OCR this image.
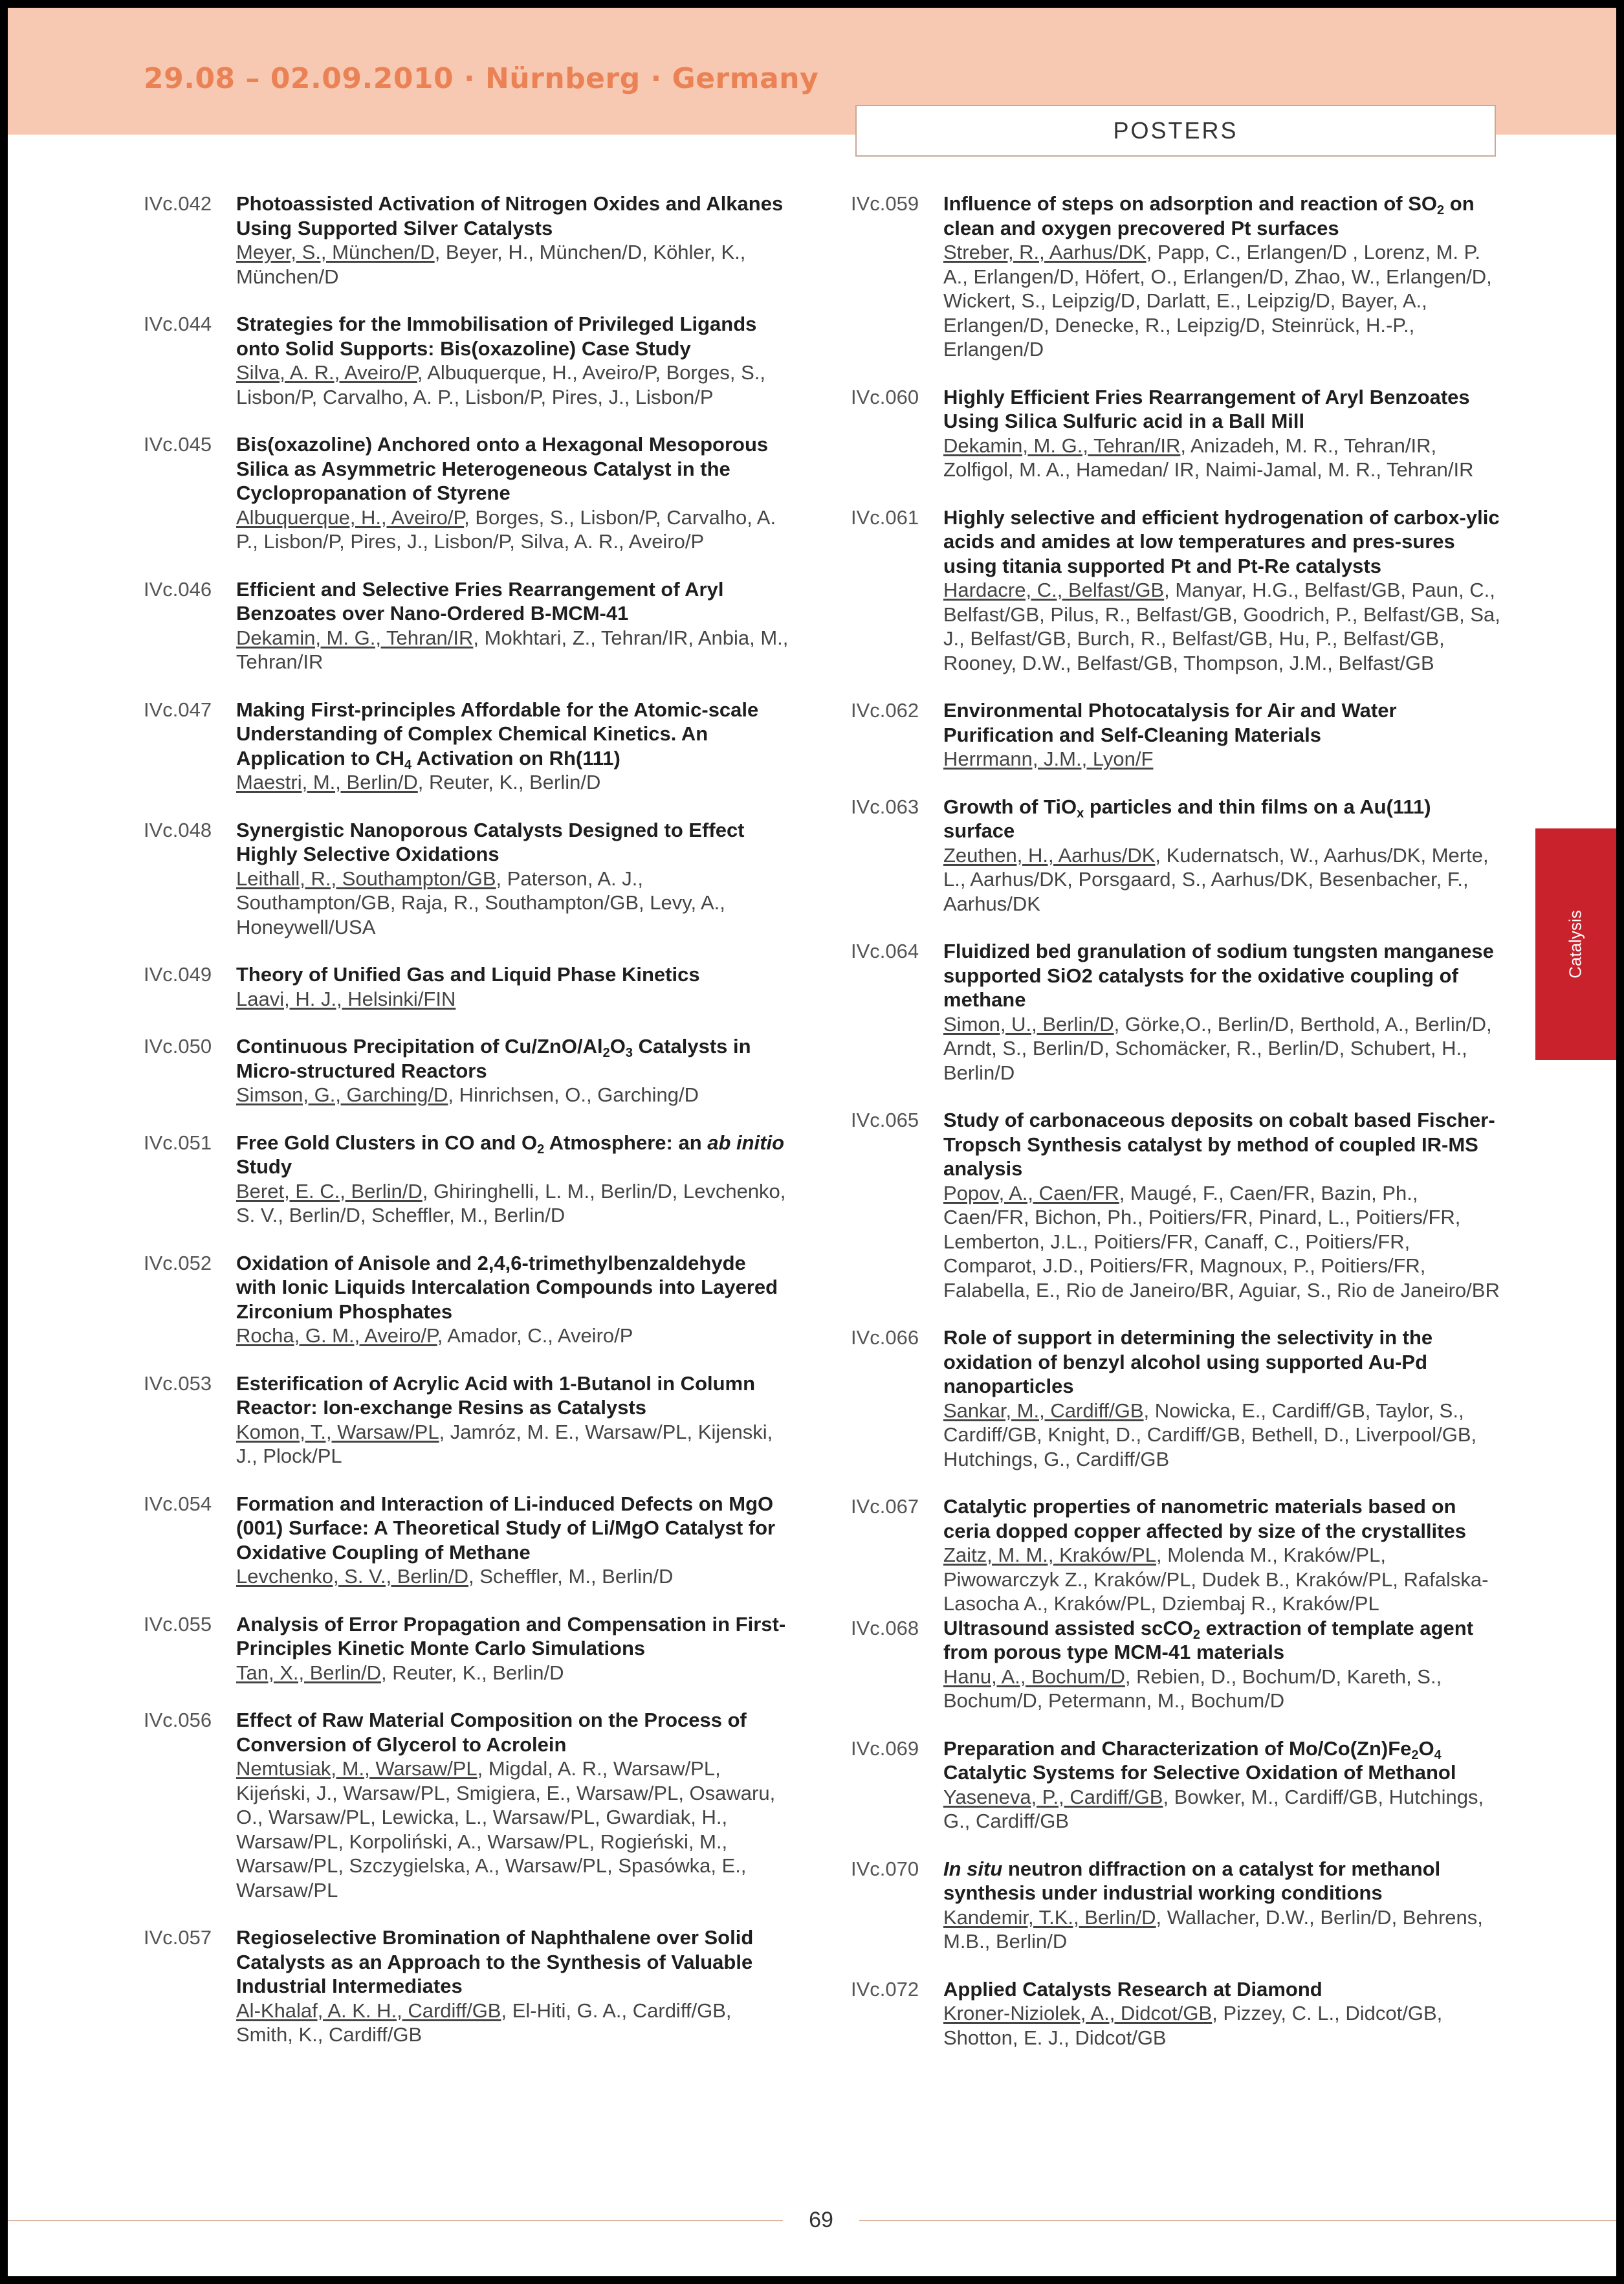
29.08 – 02.09.2010 · Nürnberg · Germany
POSTERS
IVc.042	Photoassisted Activation of Nitrogen Oxides and Alkanes Using Supported Silver Catalysts
Meyer, S., München/D, Beyer, H., München/D, Köhler, K., München/D
IVc.044	Strategies for the Immobilisation of Privileged Ligands onto Solid Supports: Bis(oxazoline) Case Study
Silva, A. R., Aveiro/P, Albuquerque, H., Aveiro/P, Borges, S., Lisbon/P, Carvalho, A. P., Lisbon/P, Pires, J., Lisbon/P
IVc.045	Bis(oxazoline) Anchored onto a Hexagonal Mesoporous Silica as Asymmetric Heterogeneous Catalyst in the Cyclopropanation of Styrene
Albuquerque, H., Aveiro/P, Borges, S., Lisbon/P, Carvalho, A. P., Lisbon/P, Pires, J., Lisbon/P, Silva, A. R., Aveiro/P
IVc.046	Efficient and Selective Fries Rearrangement of Aryl Benzoates over Nano-Ordered B-MCM-41
Dekamin, M. G., Tehran/IR, Mokhtari, Z., Tehran/IR, Anbia, M., Tehran/IR
IVc.047	Making First-principles Affordable for the Atomic-scale Understanding of Complex Chemical Kinetics. An Application to $CH_4$ Activation on Rh(111)
Maestri, M., Berlin/D, Reuter, K., Berlin/D
IVc.048	Synergistic Nanoporous Catalysts Designed to Effect Highly Selective Oxidations
Leithall, R., Southampton/GB, Paterson, A. J., Southampton/GB, Raja, R., Southampton/GB, Levy, A., Honeywell/USA
IVc.049	Theory of Unified Gas and Liquid Phase Kinetics
Laavi, H. J., Helsinki/FIN
IVc.050	Continuous Precipitation of $Cu/ZnO/Al_2O_3$ Catalysts in Micro-structured Reactors
Simson, G., Garching/D, Hinrichsen, O., Garching/D
IVc.051	Free Gold Clusters in CO and $O_2$ Atmosphere: an ab initio Study
Beret, E. C., Berlin/D, Ghiringhelli, L. M., Berlin/D, Levchenko, S. V., Berlin/D, Scheffler, M., Berlin/D
IVc.052	Oxidation of Anisole and 2,4,6-trimethylbenzaldehyde with Ionic Liquids Intercalation Compounds into Layered Zirconium Phosphates
Rocha, G. M., Aveiro/P, Amador, C., Aveiro/P
IVc.053	Esterification of Acrylic Acid with 1-Butanol in Column Reactor: Ion-exchange Resins as Catalysts
Komon, T., Warsaw/PL, Jamróz, M. E., Warsaw/PL, Kijenski, J., Plock/PL
IVc.054	Formation and Interaction of Li-induced Defects on MgO (001) Surface: A Theoretical Study of Li/MgO Catalyst for Oxidative Coupling of Methane
Levchenko, S. V., Berlin/D, Scheffler, M., Berlin/D
IVc.055	Analysis of Error Propagation and Compensation in First-Principles Kinetic Monte Carlo Simulations
Tan, X., Berlin/D, Reuter, K., Berlin/D
IVc.056	Effect of Raw Material Composition on the Process of Conversion of Glycerol to Acrolein
Nemtusiak, M., Warsaw/PL, Migdal, A. R., Warsaw/PL, Kijeński, J., Warsaw/PL, Smigiera, E., Warsaw/PL, Osawaru, O., Warsaw/PL, Lewicka, L., Warsaw/PL, Gwardiak, H., Warsaw/PL, Korpoliński, A., Warsaw/PL, Rogieński, M., Warsaw/PL, Szczygielska, A., Warsaw/PL, Spasówka, E., Warsaw/PL
IVc.057	Regioselective Bromination of Naphthalene over Solid Catalysts as an Approach to the Synthesis of Valuable Industrial Intermediates
Al-Khalaf, A. K. H., Cardiff/GB, El-Hiti, G. A., Cardiff/GB, Smith, K., Cardiff/GB
IVc.059	Influence of steps on adsorption and reaction of $SO_2$ on clean and oxygen precovered Pt surfaces
Streber, R., Aarhus/DK, Papp, C., Erlangen/D , Lorenz, M. P. A., Erlangen/D, Höfert, O., Erlangen/D, Zhao, W., Erlangen/D, Wickert, S., Leipzig/D, Darlatt, E., Leipzig/D, Bayer, A., Erlangen/D, Denecke, R., Leipzig/D, Steinrück, H.-P., Erlangen/D
IVc.060	Highly Efficient Fries Rearrangement of Aryl Benzoates Using Silica Sulfuric acid in a Ball Mill
Dekamin, M. G., Tehran/IR, Anizadeh, M. R., Tehran/IR, Zolfigol, M. A., Hamedan/ IR, Naimi-Jamal, M. R., Tehran/IR
IVc.061	Highly selective and efficient hydrogenation of carbox-ylic acids and amides at low temperatures and pres-sures using titania supported Pt and Pt-Re catalysts
Hardacre, C., Belfast/GB, Manyar, H.G., Belfast/GB, Paun, C., Belfast/GB, Pilus, R., Belfast/GB, Goodrich, P., Belfast/GB, Sa, J., Belfast/GB, Burch, R., Belfast/GB, Hu, P., Belfast/GB, Rooney, D.W., Belfast/GB, Thompson, J.M., Belfast/GB
IVc.062	Environmental Photocatalysis for Air and Water Purification and Self-Cleaning Materials
Herrmann, J.M., Lyon/F
IVc.063	Growth of TiO$_x$ particles and thin films on a Au(111) surface
Zeuthen, H., Aarhus/DK, Kudernatsch, W., Aarhus/DK, Merte, L., Aarhus/DK, Porsgaard, S., Aarhus/DK, Besenbacher, F., Aarhus/DK
IVc.064	Fluidized bed granulation of sodium tungsten manganese supported SiO2 catalysts for the oxidative coupling of methane
Simon, U., Berlin/D, Görke,O., Berlin/D, Berthold, A., Berlin/D, Arndt, S., Berlin/D, Schomäcker, R., Berlin/D, Schubert, H., Berlin/D
IVc.065	Study of carbonaceous deposits on cobalt based Fischer-Tropsch Synthesis catalyst by method of coupled IR-MS analysis
Popov, A., Caen/FR, Maugé, F., Caen/FR, Bazin, Ph., Caen/FR, Bichon, Ph., Poitiers/FR, Pinard, L., Poitiers/FR, Lemberton, J.L., Poitiers/FR, Canaff, C., Poitiers/FR, Comparot, J.D., Poitiers/FR, Magnoux, P., Poitiers/FR, Falabella, E., Rio de Janeiro/BR, Aguiar, S., Rio de Janeiro/BR
IVc.066	Role of support in determining the selectivity in the oxidation of benzyl alcohol using supported Au-Pd nanoparticles
Sankar, M., Cardiff/GB, Nowicka, E., Cardiff/GB, Taylor, S., Cardiff/GB, Knight, D., Cardiff/GB, Bethell, D., Liverpool/GB, Hutchings, G., Cardiff/GB
IVc.067	Catalytic properties of nanometric materials based on ceria dopped copper affected by size of the crystallites
Zaitz, M. M., Kraków/PL, Molenda M., Kraków/PL, Piwowarczyk Z., Kraków/PL, Dudek B., Kraków/PL, Rafalska-Lasocha A., Kraków/PL, Dziembaj R., Kraków/PL
IVc.068	Ultrasound assisted scCO$_2$ extraction of template agent from porous type MCM-41 materials
Hanu, A., Bochum/D, Rebien, D., Bochum/D, Kareth, S., Bochum/D, Petermann, M., Bochum/D
IVc.069	Preparation and Characterization of $Mo/Co(Zn)Fe_2O_4$ Catalytic Systems for Selective Oxidation of Methanol
Yaseneva, P., Cardiff/GB, Bowker, M., Cardiff/GB, Hutchings, G., Cardiff/GB
IVc.070	In situ neutron diffraction on a catalyst for methanol synthesis under industrial working conditions
Kandemir, T.K., Berlin/D, Wallacher, D.W., Berlin/D, Behrens, M.B., Berlin/D
IVc.072	Applied Catalysts Research at Diamond
Kroner-Niziolek, A., Didcot/GB, Pizzey, C. L., Didcot/GB, Shotton, E. J., Didcot/GB
Catalysis
69
